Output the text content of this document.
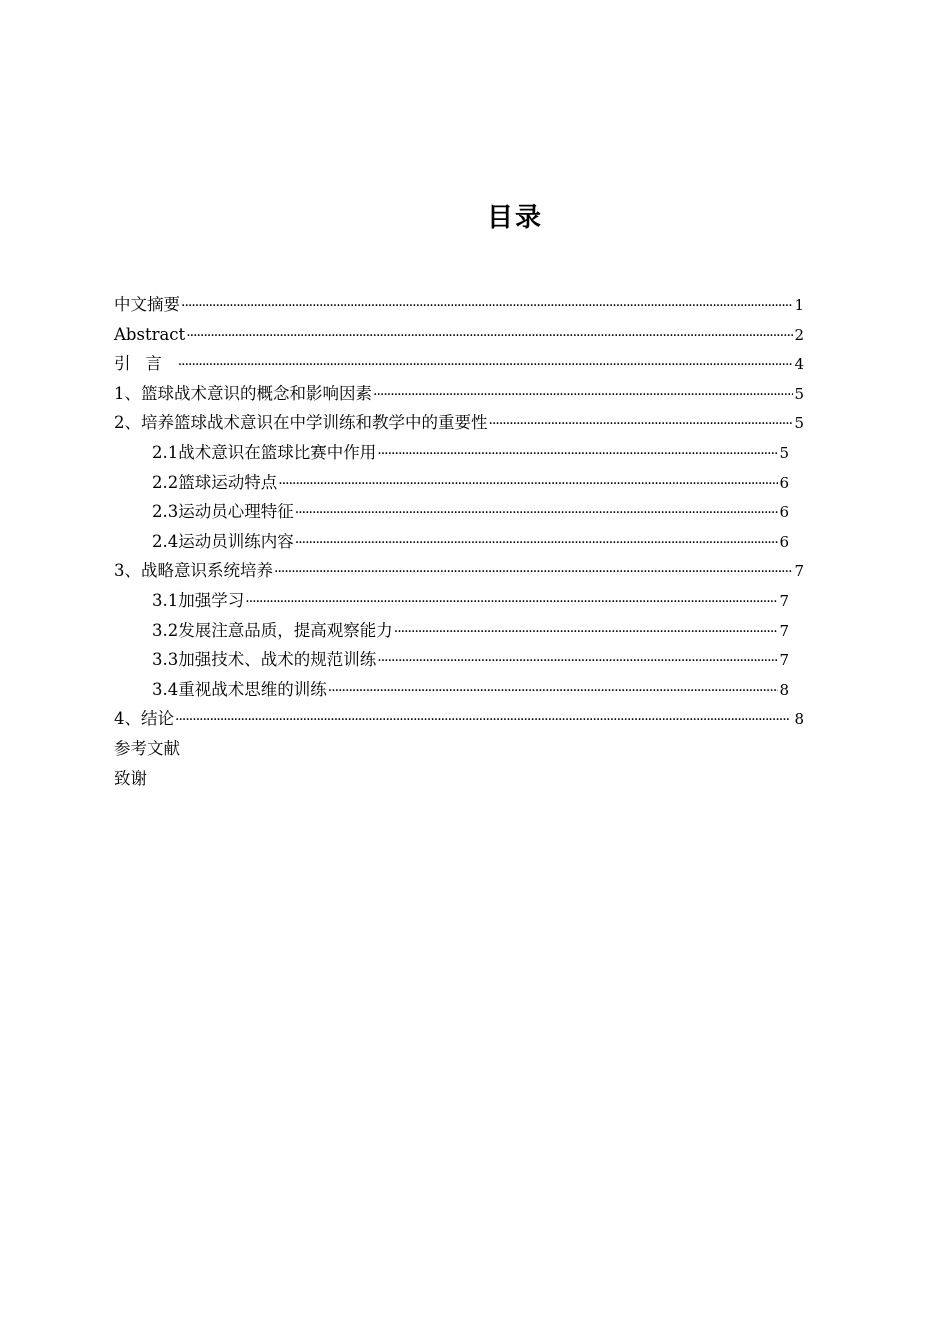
目录
中文摘要 ·····	1
Abstract ·····	2
引言 ·····	4
1、篮球战术意识的概念和影响因素 ·····	5
2、培养篮球战术意识在中学训练和教学中的重要性 ·····	5
2.1战术意识在篮球比赛中作用 ·····	5
2.2篮球运动特点 ·····	6
2.3运动员心理特征 ·····	6
2.4运动员训练内容 ·····	6
3、战略意识系统培养 ·····	7
3.1加强学习 ·····	7
3.2发展注意品质，提高观察能力 ·····	7
3.3加强技术、战术的规范训练 ·····	7
3.4重视战术思维的训练 ·····	8
4、结论 ·····	8
参考文献
致谢
